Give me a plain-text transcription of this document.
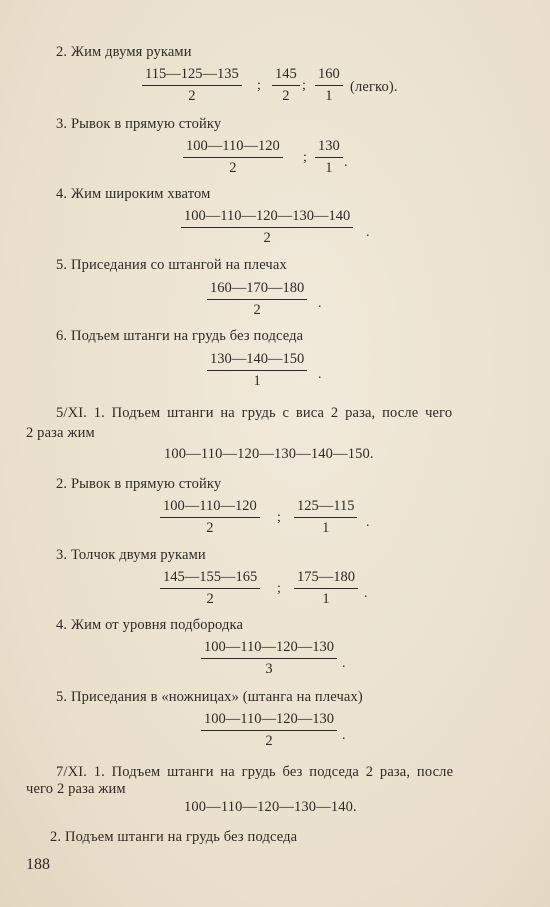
2. Жим двумя руками
$\frac{115—125—135}{2}$ ; $\frac{145}{2}$ ; $\frac{160}{1}$ (легко).
3. Рывок в прямую стойку
$\frac{100—110—120}{2}$ ; $\frac{130}{1}$ .
4. Жим широким хватом
$\frac{100—110—120—130—140}{2}$ .
5. Приседания со штангой на плечах
$\frac{160—170—180}{2}$ .
6. Подъем штанги на грудь без подседа
$\frac{130—140—150}{1}$ .
5/XI. 1. Подъем штанги на грудь с виса 2 раза, после чего
2 раза жим
100—110—120—130—140—150.
2. Рывок в прямую стойку
$\frac{100—110—120}{2}$ ; $\frac{125—115}{1}$ .
3. Толчок двумя руками
$\frac{145—155—165}{2}$ ; $\frac{175—180}{1}$ .
4. Жим от уровня подбородка
$\frac{100—110—120—130}{3}$ .
5. Приседания в «ножницах» (штанга на плечах)
$\frac{100—110—120—130}{2}$ .
7/XI. 1. Подъем штанги на грудь без подседа 2 раза, после
чего 2 раза жим
100—110—120—130—140.
2. Подъем штанги на грудь без подседа
188
